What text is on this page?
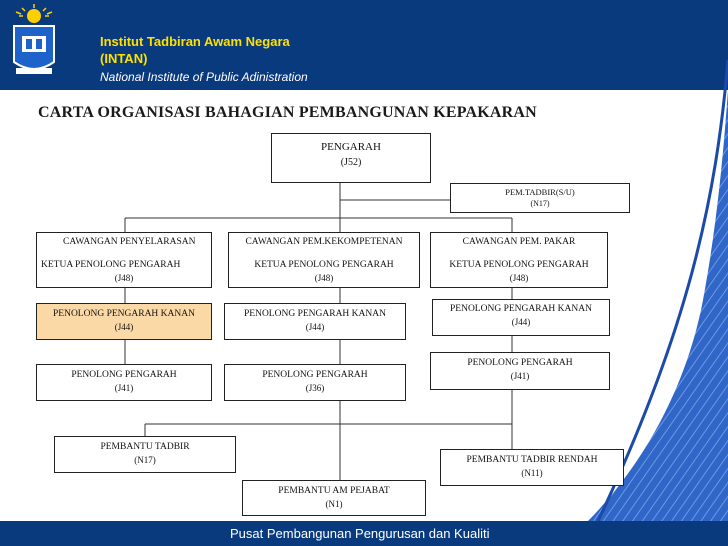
Institut Tadbiran Awam Negara
(INTAN)
National Institute of Public Adinistration
CARTA ORGANISASI BAHAGIAN PEMBANGUNAN KEPAKARAN
PENGARAH
(J52)
PEM.TADBIR(S/U)
(N17)
CAWANGAN PENYELARASAN
KETUA PENOLONG PENGARAH
(J48)
CAWANGAN PEM.KEKOMPETENAN
KETUA PENOLONG PENGARAH
(J48)
CAWANGAN PEM. PAKAR
KETUA PENOLONG PENGARAH
(J48)
PENOLONG PENGARAH KANAN
(J44)
PENOLONG PENGARAH KANAN
(J44)
PENOLONG PENGARAH KANAN
(J44)
PENOLONG PENGARAH
(J41)
PENOLONG PENGARAH
(J36)
PENOLONG PENGARAH
(J41)
PEMBANTU TADBIR
(N17)	PEMBANTU TADBIR RENDAH
(N11)
PEMBANTU AM PEJABAT
(N1)
Pusat Pembangunan Pengurusan dan Kualiti
